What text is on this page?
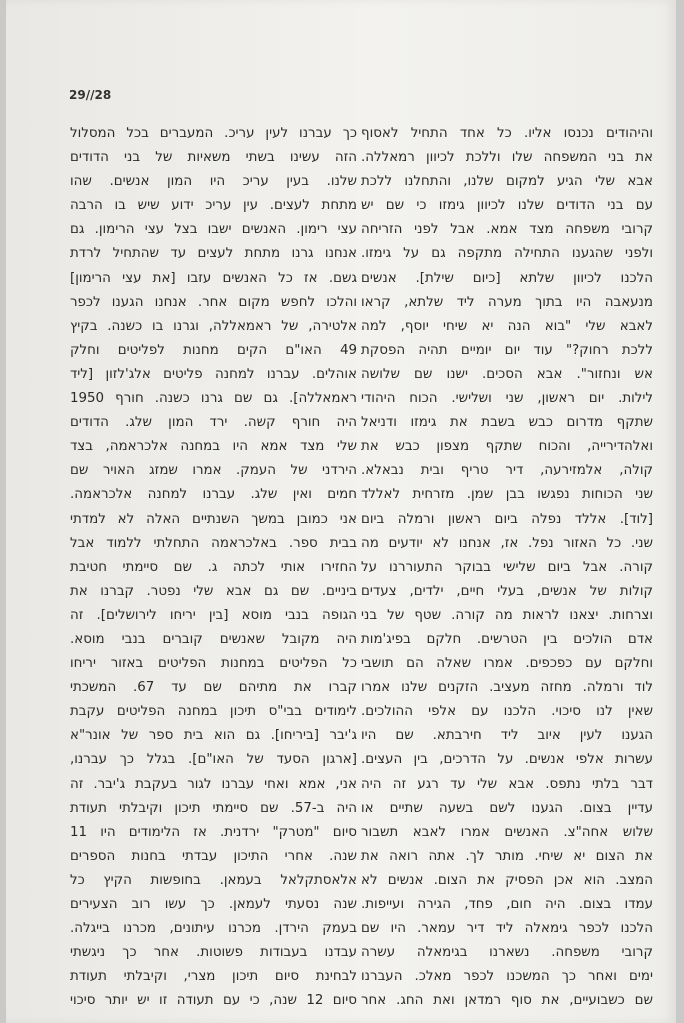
29//28
והיהודים נכנסו אליו. כל אחד התחיל לאסוף
את בני המשפחה שלו וללכת לכיוון רמאללה.
אבא שלי הגיע למקום שלנו, והתחלנו ללכת
עם בני הדודים שלנו לכיוון גימזו כי שם יש
קרובי משפחה מצד אמא. אבל לפני הזריחה
ולפני שהגענו התחילה מתקפה גם על גימזו.
הלכנו לכיוון שלתא [כיום שילת]. אנשים
מנעאבה היו בתוך מערה ליד שלתא, קראו
לאבא שלי "בוא הנה יא שיחי יוסף, למה
ללכת רחוק?" עוד יום יומיים תהיה הפסקת
אש ונחזור". אבא הסכים. ישנו שם שלושה
לילות. יום ראשון, שני ושלישי. הכוח היהודי
שתקף מדרום כבש בשבת את גימזו ודניאל
ואלהדירייה, והכוח שתקף מצפון כבש את
קולה, אלמזירעה, דיר טריף ובית נבאלא.
שני הכוחות נפגשו בבן שמן. מזרחית לאללד
[לוד]. אללד נפלה ביום ראשון ורמלה ביום
שני. כל האזור נפל. אז, אנחנו לא יודעים מה
קורה. אבל ביום שלישי בבוקר התעוררנו על
קולות של אנשים, בעלי חיים, ילדים, צעדים
וצרחות. יצאנו לראות מה קורה. שטף של בני
אדם הולכים בין הטרשים. חלקם בפיג'מות
וחלקם עם כפכפים. אמרו שאלה הם תושבי
לוד ורמלה. מחזה מעציב. הזקנים שלנו אמרו
שאין לנו סיכוי. הלכנו עם אלפי ההולכים.
הגענו לעין איוב ליד חירבתא. שם היו
עשרות אלפי אנשים. על הדרכים, בין העצים.
דבר בלתי נתפס. אבא שלי עד רגע זה היה
עדיין בצום. הגענו לשם בשעה שתיים או
שלוש אחה"צ. האנשים אמרו לאבא תשבור
את הצום יא שיחי. מותר לך. אתה רואה את
המצב. הוא אכן הפסיק את הצום. אנשים לא
עמדו בצום. היה חום, פחד, הגירה ועייפות.
הלכנו לכפר גימאלה ליד דיר עמאר. היו שם
קרובי משפחה. נשארנו בגימאלה עשרה
ימים ואחר כך המשכנו לכפר מאלכ. העברנו
שם כשבועיים, את סוף רמדאן ואת החג. אחר
כך עברנו לעין עריכ. המעברים בכל המסלול
הזה עשינו בשתי משאיות של בני הדודים
שלנו. בעין עריכ היו המון אנשים. שהו
מתחת לעצים. עין עריכ ידוע שיש בו הרבה
עצי רימון. האנשים ישבו בצל עצי הרימון. גם
אנחנו גרנו מתחת לעצים עד שהתחיל לרדת
גשם. אז כל האנשים עזבו [את עצי הרימון]
והלכו לחפש מקום אחר. אנחנו הגענו לכפר
אלטירה, של ראמאללה, וגרנו בו כשנה. בקיץ
49 האו"ם הקים מחנות לפליטים וחלק
אוהלים. עברנו למחנה פליטים אלג'לזון [ליד
ראמאללה]. גם שם גרנו כשנה. חורף 1950
היה חורף קשה. ירד המון שלג. הדודים
שלי מצד אמא היו במחנה אלכראמה, בצד
הירדני של העמק. אמרו שמזג האויר שם
חמים ואין שלג. עברנו למחנה אלכראמה.
אני כמובן במשך השנתיים האלה לא למדתי
בבית ספר. באלכראמה התחלתי ללמוד אבל
החזירו אותי לכתה ג. שם סיימתי חטיבת
ביניים. שם גם אבא שלי נפטר. קברנו את
הגופה בנבי מוסא [בין יריחו לירושלים]. זה
היה מקובל שאנשים קוברים בנבי מוסא.
כל הפליטים במחנות הפליטים באזור יריחו
קברו את מתיהם שם עד 67. המשכתי
לימודים בבי"ס תיכון במחנה הפליטים עקבת
ג'יבר [ביריחו]. גם הוא בית ספר של אונר"א
[ארגון הסעד של האו"ם]. בגלל כך עברנו,
אני, אמא ואחי עברנו לגור בעקבת ג'יבר. זה
היה ב-57. שם סיימתי תיכון וקיבלתי תעודת
סיום "מטרק" ירדנית. אז הלימודים היו 11
שנה. אחרי התיכון עבדתי בחנות הספרים
אלאסתקלאל בעמאן. בחופשות הקיץ כל
שנה נסעתי לעמאן. כך עשו רוב הצעירים
בעמק הירדן. מכרנו עיתונים, מכרנו בייגלה.
עבדנו בעבודות פשוטות. אחר כך ניגשתי
לבחינת סיום תיכון מצרי, וקיבלתי תעודת
סיום 12 שנה, כי עם תעודה זו יש יותר סיכוי
